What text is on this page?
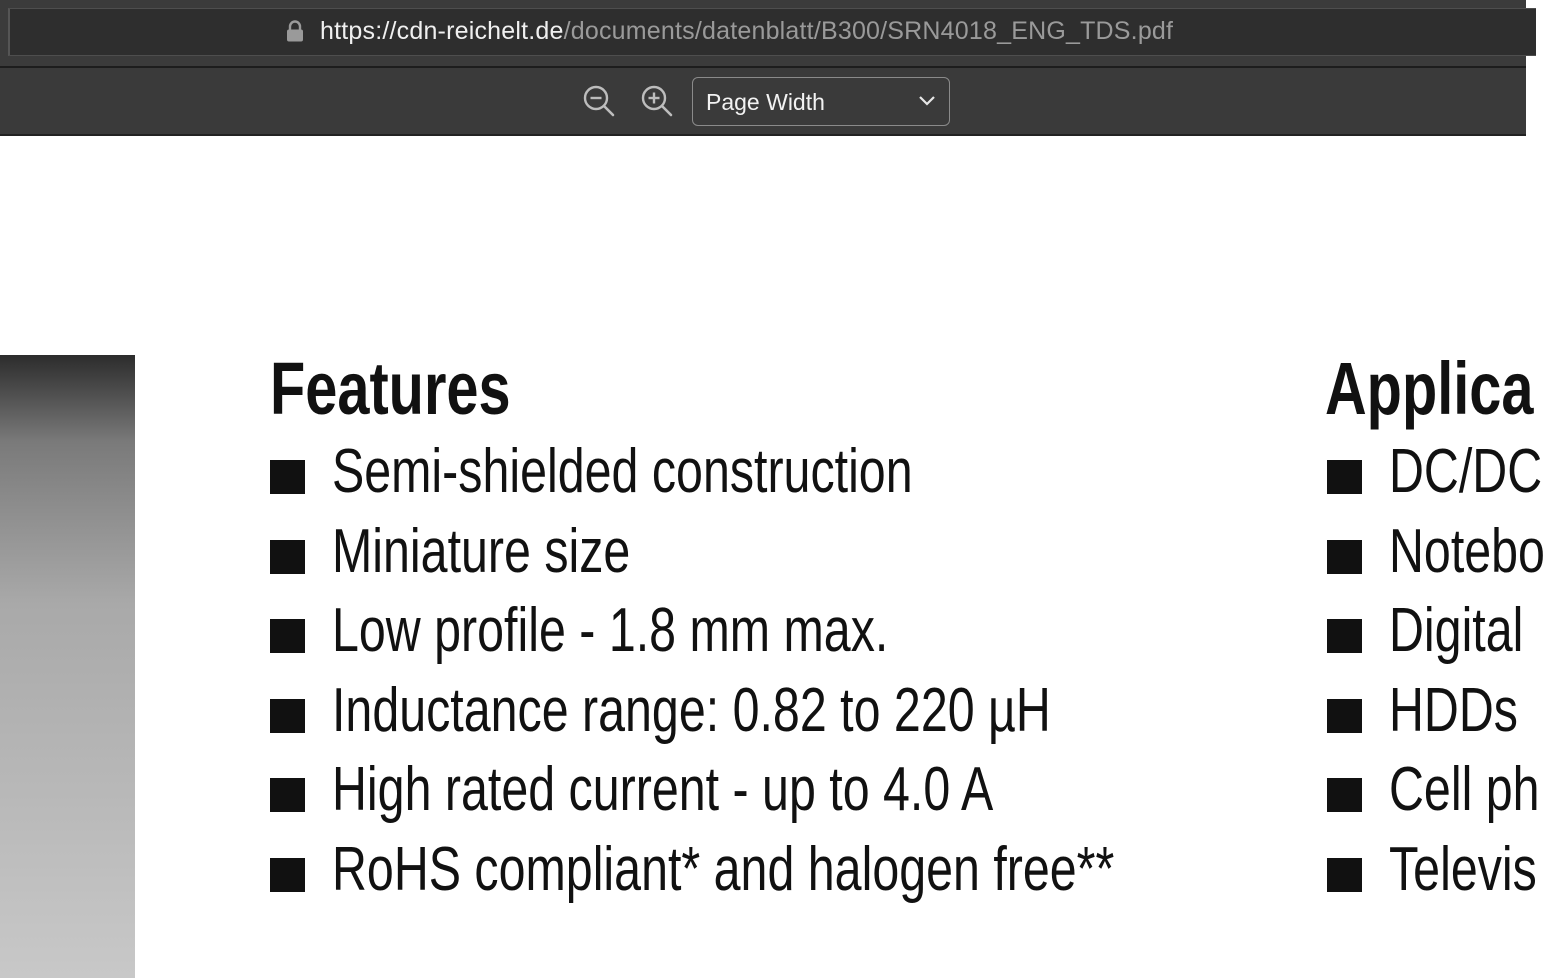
https://cdn-reichelt.de/documents/datenblatt/B300/SRN4018_ENG_TDS.pdf
Page Width
Features
Semi-shielded construction
Miniature size
Low profile - 1.8 mm max.
Inductance range: 0.82 to 220 µH
High rated current - up to 4.0 A
RoHS compliant* and halogen free**
Applica
DC/DC
Notebo
Digital
HDDs
Cell ph
Televis
